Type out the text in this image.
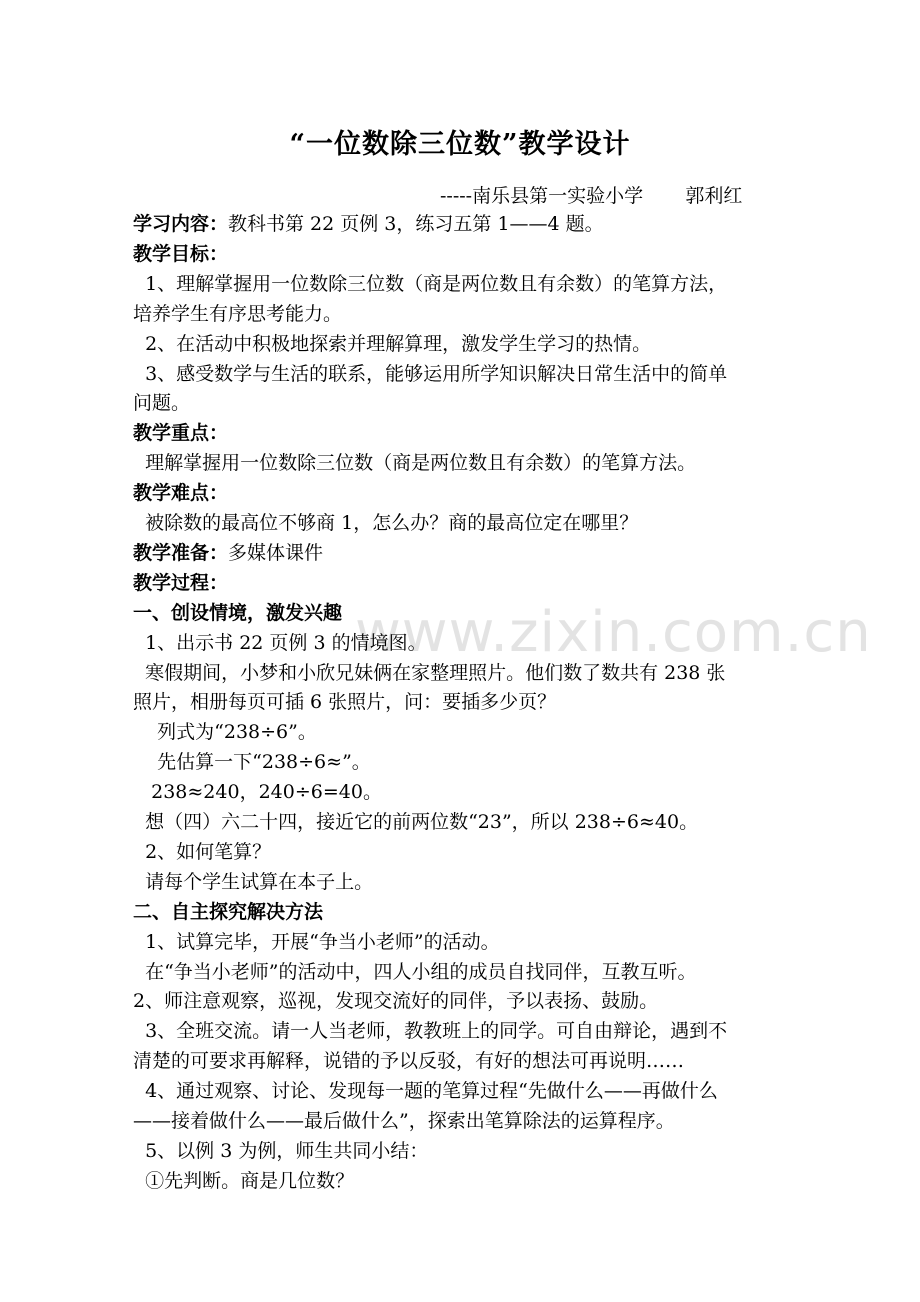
www.zixin.com.cn
“一位数除三位数”教学设计
-----南乐县第一实验小学       郭利红
学习内容：教科书第 22 页例 3，练习五第 1——4 题。
教学目标：
1、理解掌握用一位数除三位数（商是两位数且有余数）的笔算方法，
培养学生有序思考能力。
2、在活动中积极地探索并理解算理，激发学生学习的热情。
3、感受数学与生活的联系，能够运用所学知识解决日常生活中的简单
问题。
教学重点：
理解掌握用一位数除三位数（商是两位数且有余数）的笔算方法。
教学难点：
被除数的最高位不够商 1，怎么办？商的最高位定在哪里？
教学准备：多媒体课件
教学过程：
一、创设情境，激发兴趣
1、出示书 22 页例 3 的情境图。
寒假期间，小梦和小欣兄妹俩在家整理照片。他们数了数共有 238 张
照片，相册每页可插 6 张照片，问：要插多少页？
列式为“238÷6”。
先估算一下“238÷6≈”。
238≈240，240÷6=40。
想（四）六二十四，接近它的前两位数“23”，所以 238÷6≈40。
2、如何笔算？
请每个学生试算在本子上。
二、自主探究解决方法
1、试算完毕，开展“争当小老师”的活动。
在“争当小老师”的活动中，四人小组的成员自找同伴，互教互听。
2、师注意观察，巡视，发现交流好的同伴，予以表扬、鼓励。
3、全班交流。请一人当老师，教教班上的同学。可自由辩论，遇到不
清楚的可要求再解释，说错的予以反驳，有好的想法可再说明……
4、通过观察、讨论、发现每一题的笔算过程“先做什么——再做什么
——接着做什么——最后做什么”，探索出笔算除法的运算程序。
5、以例 3 为例，师生共同小结：
①先判断。商是几位数？
